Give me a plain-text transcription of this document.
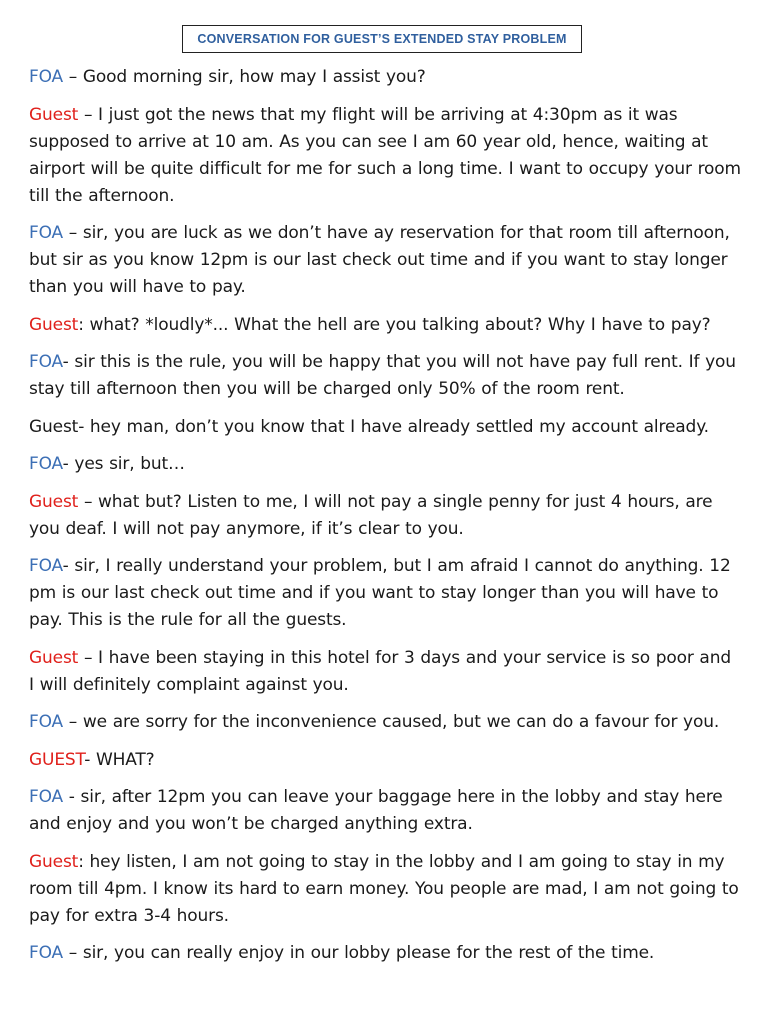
CONVERSATION FOR GUEST’S EXTENDED STAY PROBLEM

FOA – Good morning sir, how may I assist you?

Guest – I just got the news that my flight will be arriving at 4:30pm as it was supposed to arrive at 10 am. As you can see I am 60 year old, hence, waiting at airport will be quite difficult for me for such a long time. I want to occupy your room till the afternoon.

FOA – sir, you are luck as we don’t have ay reservation for that room till afternoon, but sir as you know 12pm is our last check out time and if you want to stay longer than you will have to pay.

Guest: what? *loudly*... What the hell are you talking about? Why I have to pay?

FOA- sir this is the rule, you will be happy that you will not have pay full rent. If you stay till afternoon then you will be charged only 50% of the room rent.

Guest- hey man, don’t you know that I have already settled my account already.

FOA- yes sir, but…

Guest – what but? Listen to me, I will not pay a single penny for just 4 hours, are you deaf. I will not pay anymore, if it’s clear to you.

FOA- sir, I really understand your problem, but I am afraid I cannot do anything. 12 pm is our last check out time and if you want to stay longer than you will have to pay. This is the rule for all the guests.

Guest – I have been staying in this hotel for 3 days and your service is so poor and I will definitely complaint against you.

FOA – we are sorry for the inconvenience caused, but we can do a favour for you.

GUEST- WHAT?

FOA - sir, after 12pm you can leave your baggage here in the lobby and stay here and enjoy and you won’t be charged anything extra.

Guest: hey listen, I am not going to stay in the lobby and I am going to stay in my room till 4pm. I know its hard to earn money. You people are mad, I am not going to pay for extra 3-4 hours.

FOA – sir, you can really enjoy in our lobby please for the rest of the time.
